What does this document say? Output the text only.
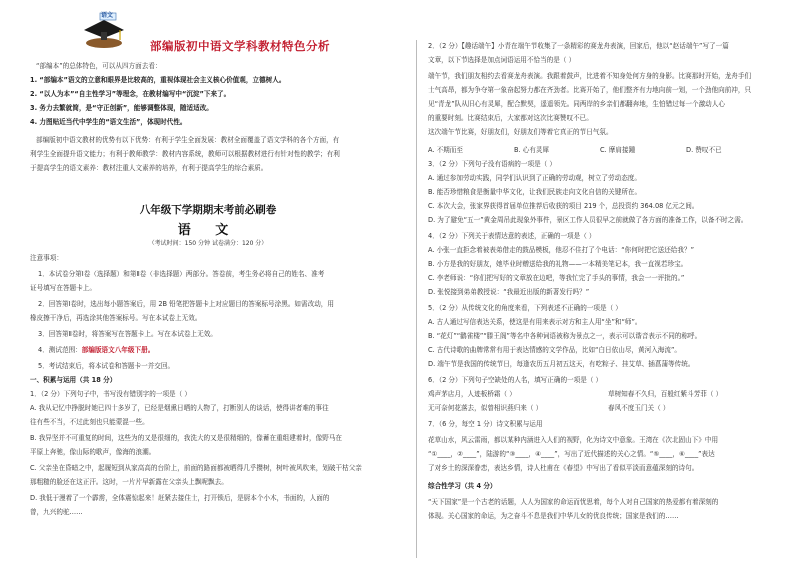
语文
部编版初中语文学科教材特色分析
“部编本”的总体特色，可以从四方面去看：
1. “部编本”语文的立意和眼界是比较高的，重视体现社会主义核心价值观，立德树人。
2. “以人为本”“自主性学习”等理念，在教材编写中“沉淀”下来了。
3. 务力去繁就简，是“守正创新”，能够调整体现，随适适改。
4. 力图贴近当代中学生的“语文生活”，体现时代性。
部编版初中语文教材的优势有以下优势：有利于学生全面发展：教材全面覆盖了语文学科的各个方面，有
利学生全面提升语文能力；有利于教师教学：教材内容系统，教师可以根据教材进行有针对性的教学；有利
于提高学生的语文素养：教材注重人文素养的培养，有利于提高学生的综合素质。
八年级下学期期末考前必刷卷
语 文
（考试时间：150 分钟 试卷满分：120 分）
注意事项：
1．本试卷分第Ⅰ卷（选择题）和第Ⅱ卷（非选择题）两部分。答卷前，考生务必将自己的姓名、准考
证号填写在答题卡上。
2．回答第Ⅰ卷时，选出每小题答案后，用 2B 铅笔把答题卡上对应题目的答案标号涂黑。如需改动，用
橡皮擦干净后，再选涂其他答案标号。写在本试卷上无效。
3．回答第Ⅱ卷时，将答案写在答题卡上。写在本试卷上无效。
4．测试范围：部编版语文八年级下册。
5．考试结束后，将本试卷和答题卡一并交回。
一、积累与运用（共 18 分）
1．（2 分）下列句子中，书写没有错别字的一项是（ ）
A. 我从记忆中挣脱时她已四十多岁了，已经是烟熏日晒的人物了，打断别人的谈话，使得讲者难的事往
往有些不当，不过此刻也只能蒙混一些。
B. 我异坚并不可重复的时间，这些为的又是很细的，我洗大的又是很精细的，像蓄在重组建着时，像野马在
平原上奔驰，像山际的歌声，像海的浪潮。
C. 父亲坐在昏暗之中，起履短到从家高高的台阶上，前面的路面都被晒得几乎攒树，树叶被风吹来，划破干枯父亲
那粗糙的脸还在这正汗。这时，一片片早新露在父亲头上飘呢飘去。
D. 我低于漫着了一个霹雳，全体震惊起来！赶紧去接住士，打开锁后，是厨本个小木，书面的，人面的
曾，九兴的驼……
2．（2 分）【趣话端午】小青在端午节收集了一条精彩的赛龙舟表演，回家后，他以“赵话端午”写了一篇
文章，以下节选择是加点词语运用不恰当的是（ ）
端午节，我们朋友相约去看赛龙舟表演。我跟着鼓声，比进着不知身处何方身的身影。比赛那时开始，龙舟手们
士气高昂，都为争夺第一象奋起努力都在齐劲者。比赛开始了，他们整齐有力地向前一划，一个劲他向前冲，只
见“青龙”队从旧心有灵犀，配合默契，遥遥领先。同两岸的乡亲们都翻奔地，生怕错过每一个激动人心
的重要时刻。比赛结束后，大家都对这次比赛赞叹不已。
这次端午节比赛，好朋友们，好朋友们等着它真正的节日气氛。
A. 不期而至	B. 心有灵犀	C. 摩肩接踵	D. 赞叹不已
3．（2 分）下列句子没有语病的一项是（ ）
A. 通过参加劳动实践，同学们认识到了正确的劳动观，树立了劳动态度。
B. 能否珍惜粮食是衡量中华文化，让我们民族走向文化自信的关键所在。
C. 本次大会，张家界获得首届单位推荐后收获的项目 219 个，总投资约 364.08 亿元之间。
D. 为了避免“五一”黄金周吊此现象外事件，景区工作人员很早之前就做了各方面的准备工作，以备不时之需。
4．（2 分）下列关于表情达意的表述，正确的一项是（ ）
A. 小张一直拒念着被表弟借走的鼓品模板，他忍不住打了个电话：“你何时把它送还给我？”
B. 小方是我的好朋友，她毕业时赠送给我的礼物——一本精美笔记本，我一直视若珍宝。
C. 李老师说：“你们把写好的文章放在边吧，等我忙完了手头的事情，我会一一评批的。”
D. 张悦接到弟弟教授说：“我最近出版的新著发行吗？”
5．（2 分）从传统文化的角度来看，下列表述不正确的一项是（ ）
A. 古人通过写信表达关系，使这是有用来表示对方和主人用“坐”和“师”。
B. “花灯”“鹳雀楼”“滕王阁”等名中各种词语被称为景点之一，表示可以谐音表示不同的称呼。
C. 古代诗歌的曲牌常常有用于表达情感的文学作品，比如“白日依山尽，黄河入海流”。
D. 端午节是我国的传统节日，每逢农历五月初五这天，有吃粽子、挂艾草、插菖蒲等传统。
6．（2 分）下列句子空缺处的人名，填写正确的一项是（ ）
鸡声茅店月，人迹板桥霜（ ）	草树知春不久归，百般红紫斗芳菲（ ）
无可奈何花落去，似曾相识燕归来（ ）	春风不度玉门关（ ）
7．（6 分，每空 1 分）诗文积累与运用
花草山水，风云雷雨，都以某种内涵进入人们的视野，化为诗文中意象。王湾在《次北固山下》中用
“①____，②____”，陆游的“③____，④____”，写出了近代描述的关心之情。“⑤____，⑥____”表达
了对乡土的深深眷恋，表达乡情，诗人杜甫在《春望》中写出了看似平淡而意蕴深刻的诗句。
综合性学习（共 4 分）
“天下国家”是一个古老的话题，人人为国家的命运而忧思着，每个人对自己国家的热爱都有着深刻的
体现。关心国家的命运，为之奋斗不息是我们中华儿女的优良传统；国家是我们的……
